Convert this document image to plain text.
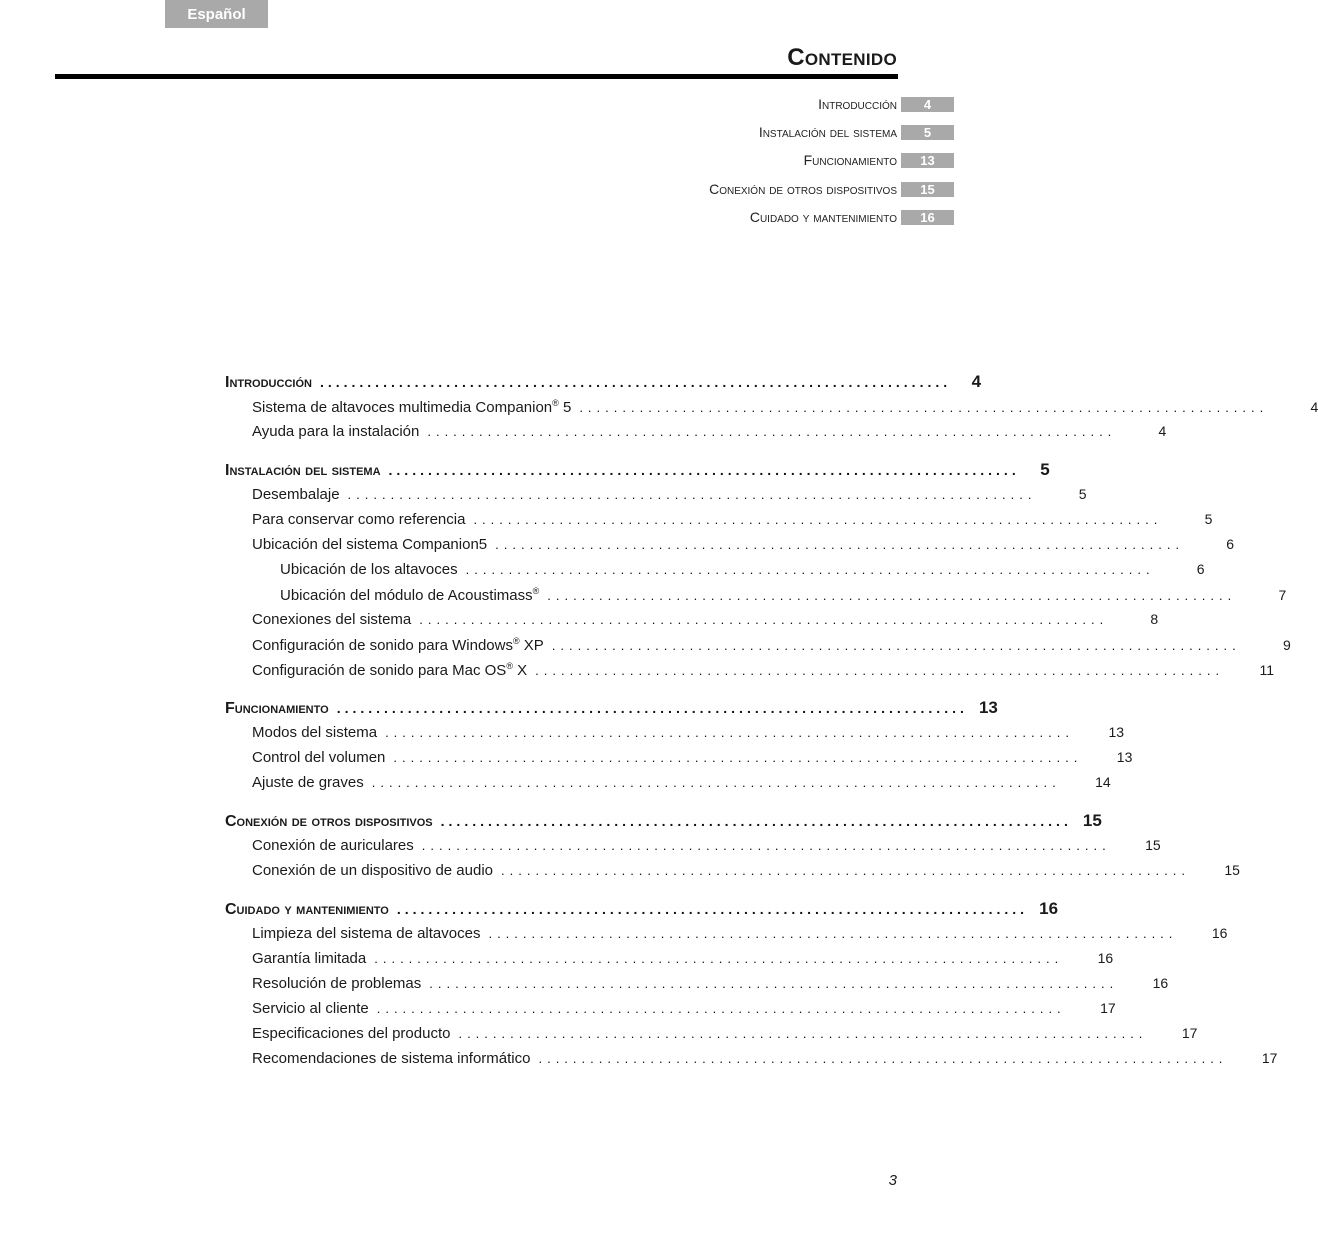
Español
Contenido
Introducción	4
Instalación del sistema	5
Funcionamiento	13
Conexión de otros dispositivos	15
Cuidado y mantenimiento	16
Introducción ................................................................................	4
Sistema de altavoces multimedia Companion® 5 ................................................................................	4
Ayuda para la instalación ................................................................................	4
Instalación del sistema ................................................................................	5
Desembalaje ................................................................................	5
Para conservar como referencia ................................................................................	5
Ubicación del sistema Companion5 ................................................................................	6
Ubicación de los altavoces ................................................................................	6
Ubicación del módulo de Acoustimass® ................................................................................	7
Conexiones del sistema ................................................................................	8
Configuración de sonido para Windows® XP ................................................................................	9
Configuración de sonido para Mac OS® X ................................................................................	11
Funcionamiento ................................................................................ 13
Modos del sistema ................................................................................	13
Control del volumen ................................................................................	13
Ajuste de graves ................................................................................	14
Conexión de otros dispositivos ................................................................................ 15
Conexión de auriculares ................................................................................	15
Conexión de un dispositivo de audio ................................................................................	15
Cuidado y mantenimiento ................................................................................ 16
Limpieza del sistema de altavoces ................................................................................	16
Garantía limitada ................................................................................	16
Resolución de problemas ................................................................................	16
Servicio al cliente ................................................................................	17
Especificaciones del producto ................................................................................	17
Recomendaciones de sistema informático ................................................................................	17
3
